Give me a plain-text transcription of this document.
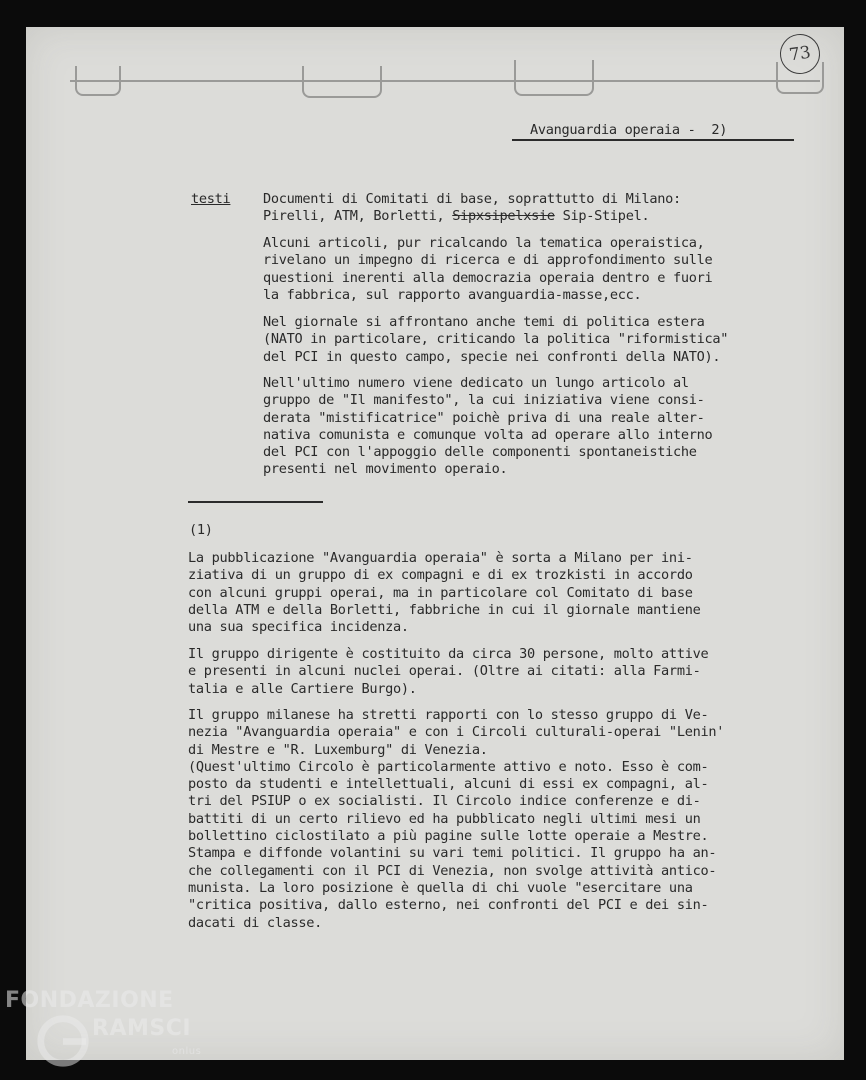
73
Avanguardia operaia -  2)
testi Documenti di Comitati di base, soprattutto di Milano:
Pirelli, ATM, Borletti, Sipxsipelxsie Sip-Stipel.
Alcuni articoli, pur ricalcando la tematica operaistica,
rivelano un impegno di ricerca e di approfondimento sulle
questioni inerenti alla democrazia operaia dentro e fuori
la fabbrica, sul rapporto avanguardia-masse,ecc.
Nel giornale si affrontano anche temi di politica estera
(NATO in particolare, criticando la politica "riformistica"
del PCI in questo campo, specie nei confronti della NATO).
Nell'ultimo numero viene dedicato un lungo articolo al
gruppo de "Il manifesto", la cui iniziativa viene consi-
derata "mistificatrice" poichè priva di una reale alter-
nativa comunista e comunque volta ad operare allo interno
del PCI con l'appoggio delle componenti spontaneistiche
presenti nel movimento operaio.
(1)
La pubblicazione "Avanguardia operaia" è sorta a Milano per ini-
ziativa di un gruppo di ex compagni e di ex trozkisti in accordo
con alcuni gruppi operai, ma in particolare col Comitato di base
della ATM e della Borletti, fabbriche in cui il giornale mantiene
una sua specifica incidenza.
Il gruppo dirigente è costituito da circa 30 persone, molto attive
e presenti in alcuni nuclei operai. (Oltre ai citati: alla Farmi-
talia e alle Cartiere Burgo).
Il gruppo milanese ha stretti rapporti con lo stesso gruppo di Ve-
nezia "Avanguardia operaia" e con i Circoli culturali-operai "Lenin'
di Mestre e "R. Luxemburg" di Venezia.
(Quest'ultimo Circolo è particolarmente attivo e noto. Esso è com-
posto da studenti e intellettuali, alcuni di essi ex compagni, al-
tri del PSIUP o ex socialisti. Il Circolo indice conferenze e di-
battiti di un certo rilievo ed ha pubblicato negli ultimi mesi un
bollettino ciclostilato a più pagine sulle lotte operaie a Mestre.
Stampa e diffonde volantini su vari temi politici. Il gruppo ha an-
che collegamenti con il PCI di Venezia, non svolge attività antico-
munista. La loro posizione è quella di chi vuole "esercitare una
"critica positiva, dallo esterno, nei confronti del PCI e dei sin-
dacati di classe.
FONDAZIONE
RAMSCI
onlus
